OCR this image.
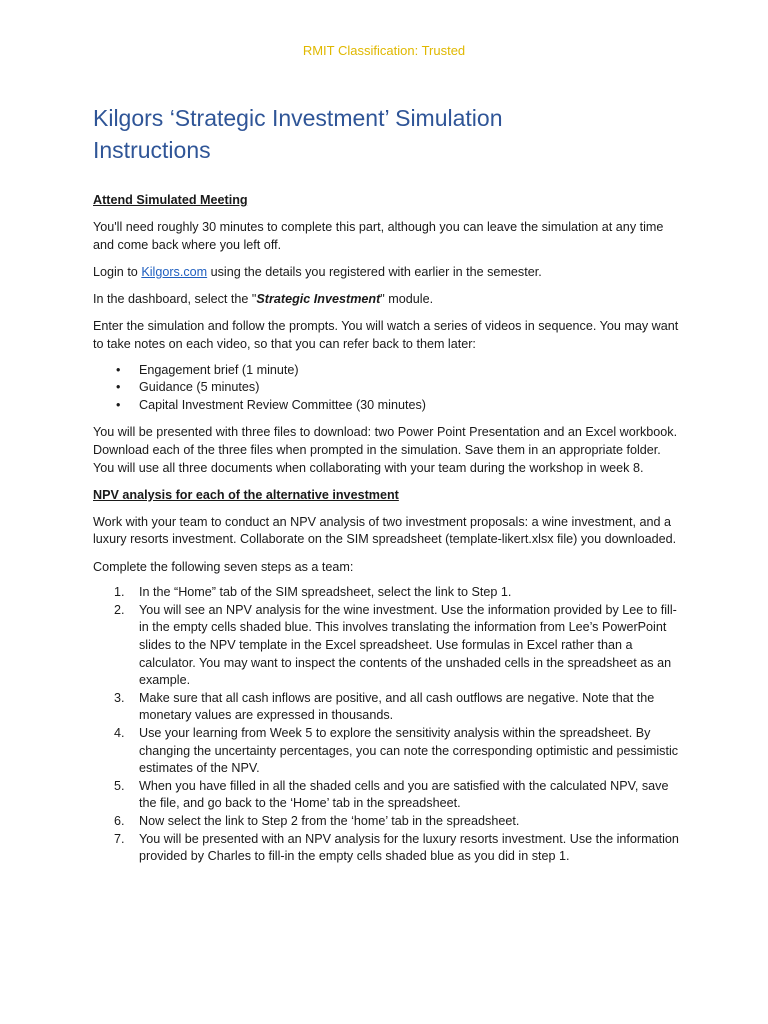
RMIT Classification: Trusted
Kilgors ‘Strategic Investment’ Simulation
Instructions
Attend Simulated Meeting

You'll need roughly 30 minutes to complete this part, although you can leave the simulation at any time and come back where you left off.

Login to Kilgors.com using the details you registered with earlier in the semester.

In the dashboard, select the "Strategic Investment" module.

Enter the simulation and follow the prompts. You will watch a series of videos in sequence. You may want to take notes on each video, so that you can refer back to them later:

• Engagement brief (1 minute)
• Guidance (5 minutes)
• Capital Investment Review Committee (30 minutes)

You will be presented with three files to download: two Power Point Presentation and an Excel workbook. Download each of the three files when prompted in the simulation. Save them in an appropriate folder. You will use all three documents when collaborating with your team during the workshop in week 8.

NPV analysis for each of the alternative investment

Work with your team to conduct an NPV analysis of two investment proposals: a wine investment, and a luxury resorts investment. Collaborate on the SIM spreadsheet (template-likert.xlsx file) you downloaded.

Complete the following seven steps as a team:

1. In the “Home” tab of the SIM spreadsheet, select the link to Step 1.
2. You will see an NPV analysis for the wine investment. Use the information provided by Lee to fill-in the empty cells shaded blue. This involves translating the information from Lee’s PowerPoint slides to the NPV template in the Excel spreadsheet. Use formulas in Excel rather than a calculator. You may want to inspect the contents of the unshaded cells in the spreadsheet as an example.
3. Make sure that all cash inflows are positive, and all cash outflows are negative. Note that the monetary values are expressed in thousands.
4. Use your learning from Week 5 to explore the sensitivity analysis within the spreadsheet. By changing the uncertainty percentages, you can note the corresponding optimistic and pessimistic estimates of the NPV.
5. When you have filled in all the shaded cells and you are satisfied with the calculated NPV, save the file, and go back to the ‘Home’ tab in the spreadsheet.
6. Now select the link to Step 2 from the ‘home’ tab in the spreadsheet.
7. You will be presented with an NPV analysis for the luxury resorts investment. Use the information provided by Charles to fill-in the empty cells shaded blue as you did in step 1.
